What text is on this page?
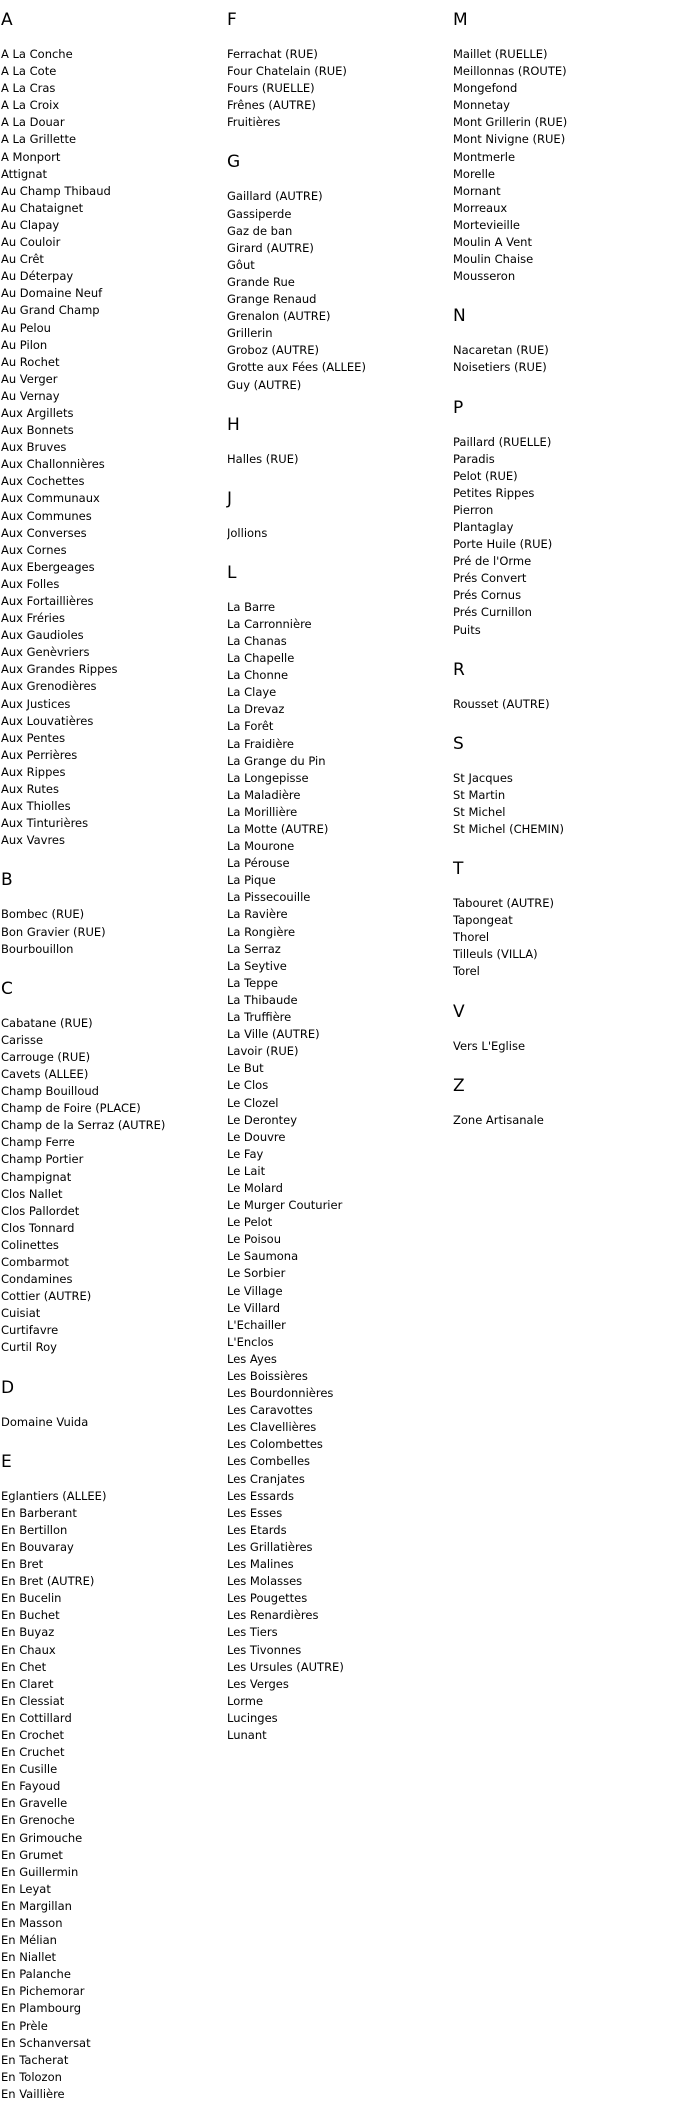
A
A La Conche
A La Cote
A La Cras
A La Croix
A La Douar
A La Grillette
A Monport
Attignat
Au Champ Thibaud
Au Chataignet
Au Clapay
Au Couloir
Au Crêt
Au Déterpay
Au Domaine Neuf
Au Grand Champ
Au Pelou
Au Pilon
Au Rochet
Au Verger
Au Vernay
Aux Argillets
Aux Bonnets
Aux Bruves
Aux Challonnières
Aux Cochettes
Aux Communaux
Aux Communes
Aux Converses
Aux Cornes
Aux Ebergeages
Aux Folles
Aux Fortaillières
Aux Fréries
Aux Gaudioles
Aux Genèvriers
Aux Grandes Rippes
Aux Grenodières
Aux Justices
Aux Louvatières
Aux Pentes
Aux Perrières
Aux Rippes
Aux Rutes
Aux Thiolles
Aux Tinturières
Aux Vavres
B
Bombec (RUE)
Bon Gravier (RUE)
Bourbouillon
C
Cabatane (RUE)
Carisse
Carrouge (RUE)
Cavets (ALLEE)
Champ Bouilloud
Champ de Foire (PLACE)
Champ de la Serraz (AUTRE)
Champ Ferre
Champ Portier
Champignat
Clos Nallet
Clos Pallordet
Clos Tonnard
Colinettes
Combarmot
Condamines
Cottier (AUTRE)
Cuisiat
Curtifavre
Curtil Roy
D
Domaine Vuida
E
Eglantiers (ALLEE)
En Barberant
En Bertillon
En Bouvaray
En Bret
En Bret (AUTRE)
En Bucelin
En Buchet
En Buyaz
En Chaux
En Chet
En Claret
En Clessiat
En Cottillard
En Crochet
En Cruchet
En Cusille
En Fayoud
En Gravelle
En Grenoche
En Grimouche
En Grumet
En Guillermin
En Leyat
En Margillan
En Masson
En Mélian
En Niallet
En Palanche
En Pichemorar
En Plambourg
En Prèle
En Schanversat
En Tacherat
En Tolozon
En Vaillière
F
Ferrachat (RUE)
Four Chatelain (RUE)
Fours (RUELLE)
Frênes (AUTRE)
Fruitières
G
Gaillard (AUTRE)
Gassiperde
Gaz de ban
Girard (AUTRE)
Gôut
Grande Rue
Grange Renaud
Grenalon (AUTRE)
Grillerin
Groboz (AUTRE)
Grotte aux Fées (ALLEE)
Guy (AUTRE)
H
Halles (RUE)
J
Jollions
L
La Barre
La Carronnière
La Chanas
La Chapelle
La Chonne
La Claye
La Drevaz
La Forêt
La Fraidière
La Grange du Pin
La Longepisse
La Maladière
La Morillière
La Motte (AUTRE)
La Mourone
La Pérouse
La Pique
La Pissecouille
La Ravière
La Rongière
La Serraz
La Seytive
La Teppe
La Thibaude
La Truffière
La Ville (AUTRE)
Lavoir (RUE)
Le But
Le Clos
Le Clozel
Le Derontey
Le Douvre
Le Fay
Le Lait
Le Molard
Le Murger Couturier
Le Pelot
Le Poisou
Le Saumona
Le Sorbier
Le Village
Le Villard
L'Echailler
L'Enclos
Les Ayes
Les Boissières
Les Bourdonnières
Les Caravottes
Les Clavellières
Les Colombettes
Les Combelles
Les Cranjates
Les Essards
Les Esses
Les Etards
Les Grillatières
Les Malines
Les Molasses
Les Pougettes
Les Renardières
Les Tiers
Les Tivonnes
Les Ursules (AUTRE)
Les Verges
Lorme
Lucinges
Lunant
M
Maillet (RUELLE)
Meillonnas (ROUTE)
Mongefond
Monnetay
Mont Grillerin (RUE)
Mont Nivigne (RUE)
Montmerle
Morelle
Mornant
Morreaux
Mortevieille
Moulin A Vent
Moulin Chaise
Mousseron
N
Nacaretan (RUE)
Noisetiers (RUE)
P
Paillard (RUELLE)
Paradis
Pelot (RUE)
Petites Rippes
Pierron
Plantaglay
Porte Huile (RUE)
Pré de l'Orme
Prés Convert
Prés Cornus
Prés Curnillon
Puits
R
Rousset (AUTRE)
S
St Jacques
St Martin
St Michel
St Michel (CHEMIN)
T
Tabouret (AUTRE)
Tapongeat
Thorel
Tilleuls (VILLA)
Torel
V
Vers L'Eglise
Z
Zone Artisanale
